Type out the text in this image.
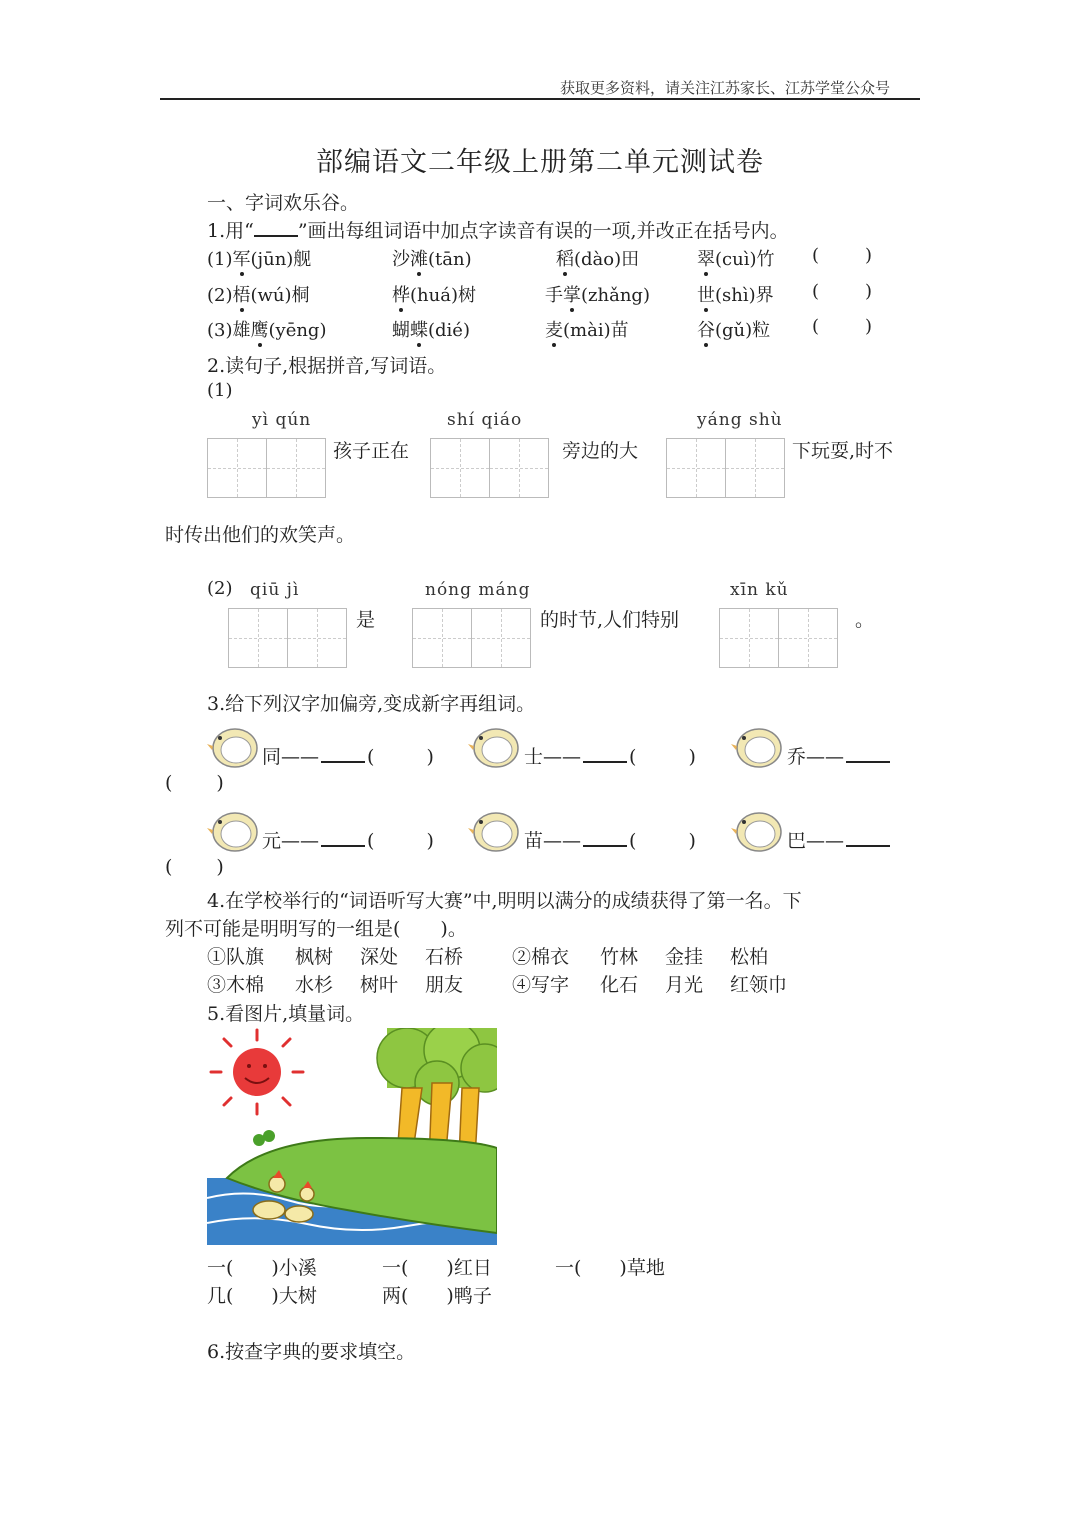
获取更多资料，请关注江苏家长、江苏学堂公众号
部编语文二年级上册第二单元测试卷
一、字词欢乐谷。
1.用“ ”画出每组词语中加点字读音有误的一项,并改正在括号内。
(1)军(jūn)舰	沙滩(tān)	稻(dào)田	翠(cuì)竹 (	)
(2)梧(wú)桐	桦(huá)树	手掌(zhǎng)	世(shì)界 (	)
(3)雄鹰(yēng)	蝴蝶(dié)	麦(mài)苗	谷(gǔ)粒 (	)
2.读句子,根据拼音,写词语。
(1)
yì qún	shí qiáo	yáng shù
孩子正在	旁边的大	下玩耍,时不
时传出他们的欢笑声。
(2) qiū jì	nóng máng	xīn kǔ
是	的时节,人们特别	。
3.给下列汉字加偏旁,变成新字再组词。
同——	(	)	士——	(	)	乔——
( )
元——	(	)	苗——	(	)	巴——
( )
4.在学校举行的“词语听写大赛”中,明明以满分的成绩获得了第一名。下
列不可能是明明写的一组是( )。
①队旗 枫树 深处 石桥	②棉衣 竹林 金挂 松柏
③木棉 水杉 树叶 朋友	④写字 化石 月光 红领巾
5.看图片,填量词。
一( )小溪	一( )红日	一( )草地
几( )大树	两( )鸭子
6.按查字典的要求填空。
